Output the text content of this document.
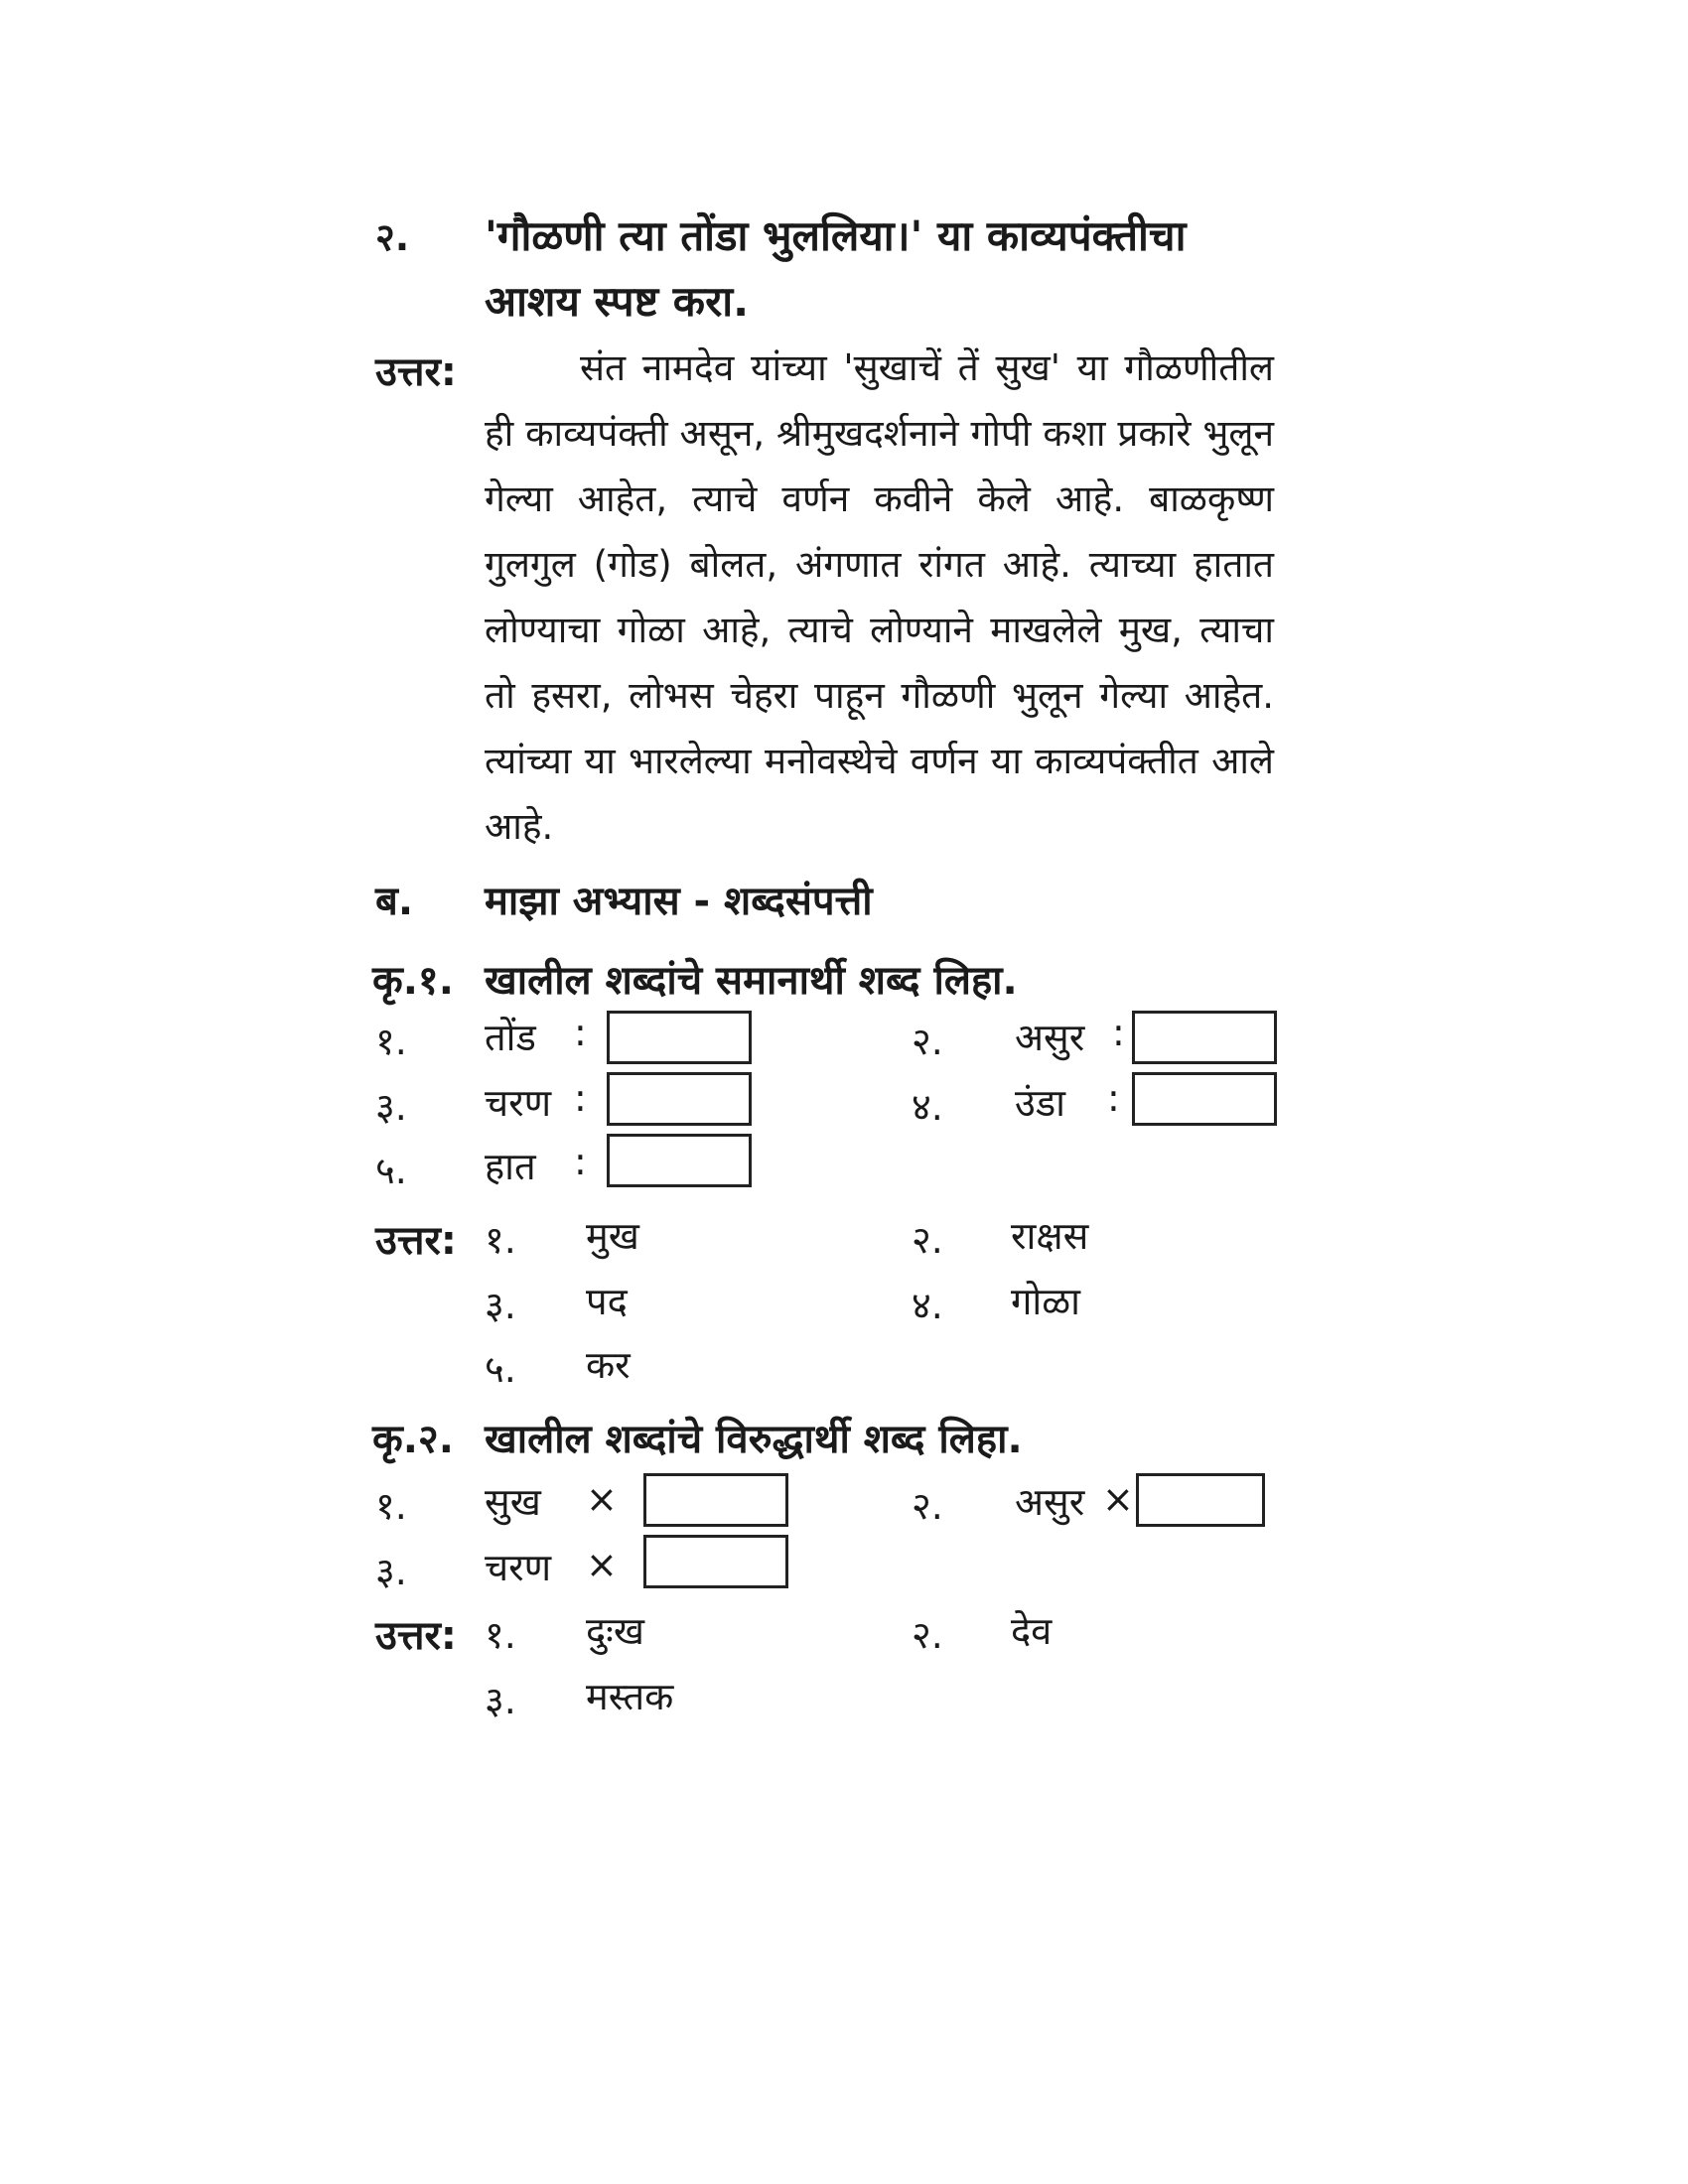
२. 'गौळणी त्या तोंडा भुललिया।' या काव्यपंक्तीचा आशय स्पष्ट करा.
उत्तर:	संत नामदेव यांच्या 'सुखाचें तें सुख' या गौळणीतील ही काव्यपंक्ती असून, श्रीमुखदर्शनाने गोपी कशा प्रकारे भुलून गेल्या आहेत, त्याचे वर्णन कवीने केले आहे. बाळकृष्ण गुलगुल (गोड) बोलत, अंगणात रांगत आहे. त्याच्या हातात लोण्याचा गोळा आहे, त्याचे लोण्याने माखलेले मुख, त्याचा तो हसरा, लोभस चेहरा पाहून गौळणी भुलून गेल्या आहेत. त्यांच्या या भारलेल्या मनोवस्थेचे वर्णन या काव्यपंक्तीत आले आहे.
ब. माझा अभ्यास - शब्दसंपत्ती
कृ.१. खालील शब्दांचे समानार्थी शब्द लिहा.
१. तोंड :	२. असुर :
३. चरण :	४. उंडा :
५. हात :
उत्तर: १. मुख	२. राक्षस
३. पद	४. गोळा
५. कर
कृ.२. खालील शब्दांचे विरुद्धार्थी शब्द लिहा.
१. सुख ×	२. असुर ×
३. चरण ×
उत्तर: १. दुःख	२. देव
३. मस्तक
